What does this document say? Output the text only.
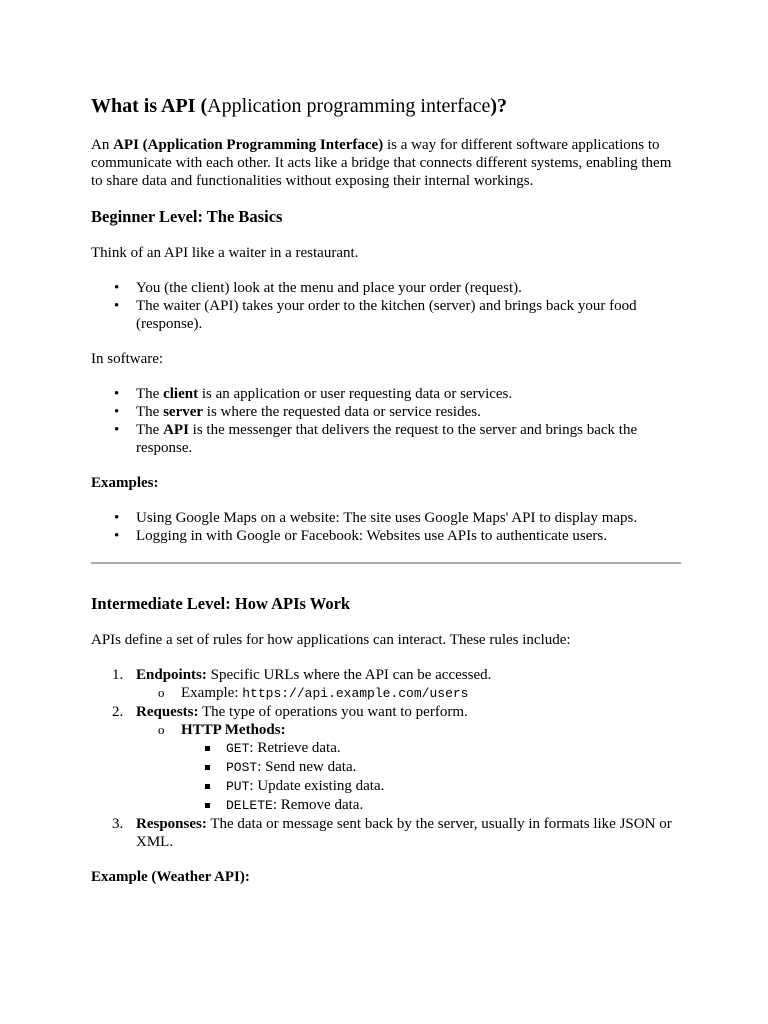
What is API (Application programming interface)?

An API (Application Programming Interface) is a way for different software applications to communicate with each other. It acts like a bridge that connects different systems, enabling them to share data and functionalities without exposing their internal workings.

Beginner Level: The Basics

Think of an API like a waiter in a restaurant.

• You (the client) look at the menu and place your order (request).
• The waiter (API) takes your order to the kitchen (server) and brings back your food (response).

In software:

• The client is an application or user requesting data or services.
• The server is where the requested data or service resides.
• The API is the messenger that delivers the request to the server and brings back the response.

Examples:

• Using Google Maps on a website: The site uses Google Maps' API to display maps.
• Logging in with Google or Facebook: Websites use APIs to authenticate users.
Intermediate Level: How APIs Work

APIs define a set of rules for how applications can interact. These rules include:

1. Endpoints: Specific URLs where the API can be accessed.
o Example: https://api.example.com/users
2. Requests: The type of operations you want to perform.
o HTTP Methods:
GET: Retrieve data.
POST: Send new data.
PUT: Update existing data.
DELETE: Remove data.
3. Responses: The data or message sent back by the server, usually in formats like JSON or XML.

Example (Weather API):
